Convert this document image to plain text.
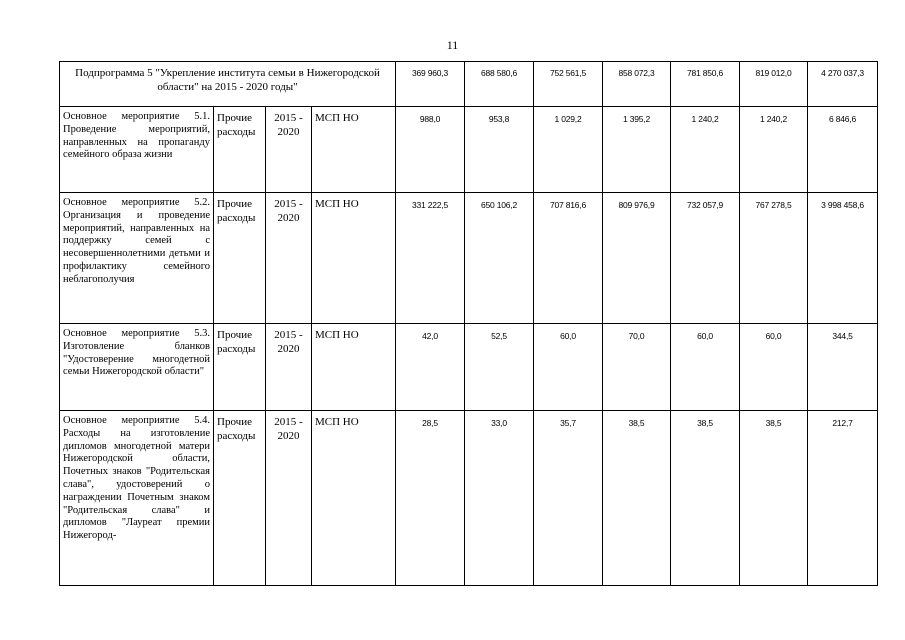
11
Подпрограмма 5 "Укрепление института семьи в Нижегородской области" на 2015 - 2020 годы"				369 960,3	688 580,6	752 561,5	858 072,3	781 850,6	819 012,0	4 270 037,3
Основное мероприятие 5.1. Проведение мероприятий, направленных на пропаганду семейного образа жизни	Прочие расходы	2015 - 2020	МСП НО	988,0	953,8	1 029,2	1 395,2	1 240,2	1 240,2	6 846,6
Основное мероприятие 5.2. Организация и проведение мероприятий, направленных на поддержку семей с несовершеннолетними детьми и профилактику семейного неблагополучия	Прочие расходы	2015 - 2020	МСП НО	331 222,5	650 106,2	707 816,6	809 976,9	732 057,9	767 278,5	3 998 458,6
Основное мероприятие 5.3. Изготовление бланков "Удостоверение многодетной семьи Нижегородской области"	Прочие расходы	2015 - 2020	МСП НО	42,0	52,5	60,0	70,0	60,0	60,0	344,5
Основное мероприятие 5.4. Расходы на изготовление дипломов многодетной матери Нижегородской области, Почетных знаков "Родительская слава", удостоверений о награждении Почетным знаком "Родительская слава" и дипломов "Лауреат премии Нижегород-	Прочие расходы	2015 - 2020	МСП НО	28,5	33,0	35,7	38,5	38,5	38,5	212,7
